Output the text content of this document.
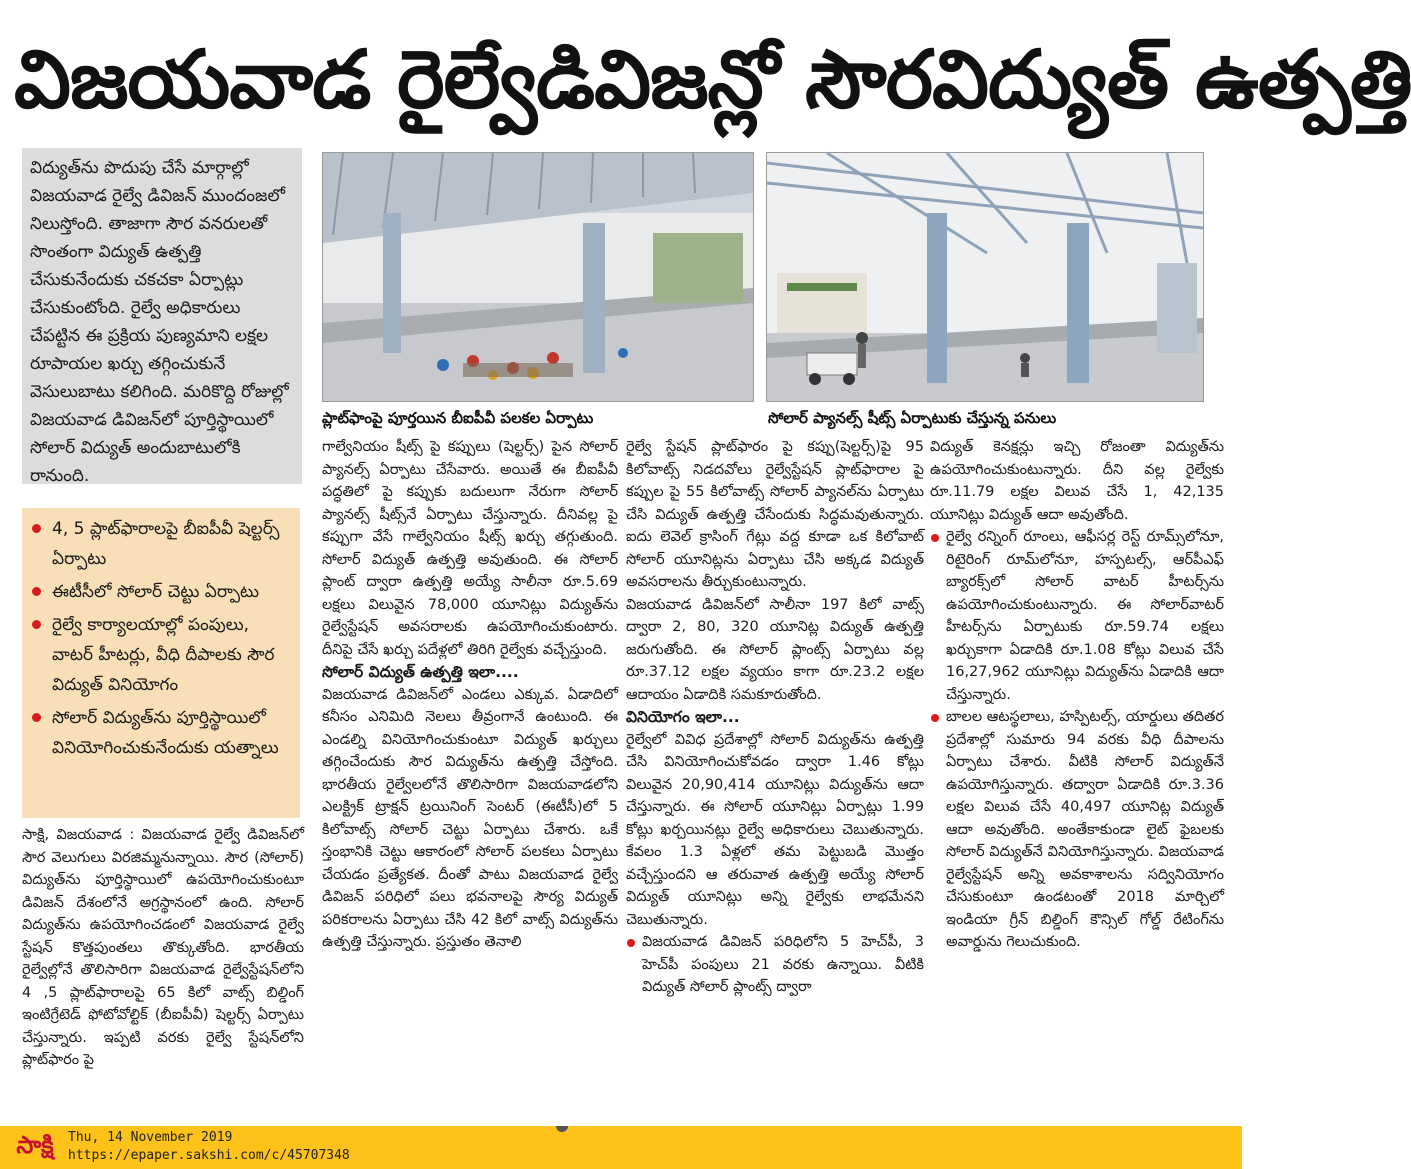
విజయవాడ రైల్వేడివిజన్లో సౌరవిద్యుత్ ఉత్పత్తి

విద్యుత్‌ను పొదుపు చేసే మార్గాల్లో విజయవాడ రైల్వే డివిజన్ ముందంజలో నిలుస్తోంది. తాజాగా సౌర వనరులతో సొంతంగా విద్యుత్ ఉత్పత్తి చేసుకునేందుకు చకచకా ఏర్పాట్లు చేసుకుంటోంది. రైల్వే అధికారులు చేపట్టిన ఈ ప్రక్రియ పుణ్యమాని లక్షల రూపాయల ఖర్చు తగ్గించుకునే వెసులుబాటు కలిగింది. మరికొద్ది రోజుల్లో విజయవాడ డివిజన్‌లో పూర్తిస్థాయిలో సోలార్ విద్యుత్ అందుబాటులోకి రానుంది.

ప్లాట్‌ఫాంపై పూర్తయిన బీఐపీవీ పలకల ఏర్పాటు	సోలార్ ప్యానల్స్ షీట్స్ ఏర్పాటుకు చేస్తున్న పనులు
4, 5 ప్లాట్‌ఫారాలపై బీఐపీవీ షెల్టర్స్ ఏర్పాటు
ఈటీసీలో సోలార్ చెట్టు ఏర్పాటు
రైల్వే కార్యాలయాల్లో పంపులు, వాటర్ హీటర్లు, వీధి దీపాలకు సౌర విద్యుత్ వినియోగం
సోలార్ విద్యుత్‌ను పూర్తిస్థాయిలో వినియోగించుకునేందుకు యత్నాలు

సాక్షి, విజయవాడ : విజయవాడ రైల్వే డివిజన్‌లో సౌర వెలుగులు విరజిమ్మనున్నాయి. సౌర (సోలార్) విద్యుత్‌ను పూర్తిస్థాయిలో ఉపయోగించుకుంటూ డివిజన్ దేశంలోనే అగ్రస్థానంలో ఉంది. సోలార్ విద్యుత్‌ను ఉపయోగించడంలో విజయవాడ రైల్వే స్టేషన్ కొత్తపుంతలు తొక్కుతోంది. భారతీయ రైల్వేల్లోనే తొలిసారిగా విజయవాడ రైల్వేస్టేషన్‌లోని 4 ,5 ప్లాట్‌ఫారాలపై 65 కిలో వాట్స్ బిల్డింగ్ ఇంటిగ్రేటెడ్ ఫోటోవోల్టిక్ (బీఐపీవీ) షెల్టర్స్ ఏర్పాటు చేస్తున్నారు. ఇప్పటి వరకు రైల్వే స్టేషన్‌లోని ప్లాట్‌ఫారం పై

గాల్వేనియం షీట్స్ పై కప్పులు (షెల్టర్స్) పైన సోలార్ ప్యానల్స్ ఏర్పాటు చేసేవారు. అయితే ఈ బీఐపీవీ పద్ధతిలో పై కప్పుకు బదులుగా నేరుగా సోలార్ ప్యానల్స్ షీట్స్‌నే ఏర్పాటు చేస్తున్నారు. దీనివల్ల పై కప్పుగా వేసే గాల్వేనియం షీట్స్ ఖర్చు తగ్గుతుంది. సోలార్ విద్యుత్ ఉత్పత్తి అవుతుంది. ఈ సోలార్ ప్లాంట్ ద్వారా ఉత్పత్తి అయ్యే సాలీనా రూ.5.69 లక్షలు విలువైన 78,000 యూనిట్లు విద్యుత్‌ను రైల్వేస్టేషన్ అవసరాలకు ఉపయోగించుకుంటారు. దీనిపై చేసే ఖర్చు పదేళ్లలో తిరిగి రైల్వేకు వచ్చేస్తుంది.

సోలార్ విద్యుత్ ఉత్పత్తి ఇలా....

విజయవాడ డివిజన్‌లో ఎండలు ఎక్కువ. ఏడాదిలో కనీసం ఎనిమిది నెలలు తీవ్రంగానే ఉంటుంది. ఈ ఎండల్ని వినియోగించుకుంటూ విద్యుత్ ఖర్చులు తగ్గించేందుకు సౌర విద్యుత్‌ను ఉత్పత్తి చేస్తోంది. భారతీయ రైల్వేలలోనే తొలిసారిగా విజయవాడలోని ఎలక్ట్రిక్ ట్రాక్షన్ ట్రయినింగ్ సెంటర్ (ఈటీసీ)లో 5 కిలోవాట్స్ సోలార్ చెట్టు ఏర్పాటు చేశారు. ఒకే స్తంభానికి చెట్టు ఆకారంలో సోలార్ పలకలు ఏర్పాటు చేయడం ప్రత్యేకత. దీంతో పాటు విజయవాడ రైల్వే డివిజన్ పరిధిలో పలు భవనాలపై సౌర్య విద్యుత్ పరికరాలను ఏర్పాటు చేసి 42 కిలో వాట్స్ విద్యుత్‌ను ఉత్పత్తి చేస్తున్నారు. ప్రస్తుతం తెనాలి

రైల్వే స్టేషన్ ప్లాట్‌ఫారం పై కప్పు(షెల్టర్స్)పై 95 కిలోవాట్స్ నిడదవోలు రైల్వేస్టేషన్ ప్లాట్‌ఫారాల పై కప్పుల పై 55 కిలోవాట్స్ సోలార్ ప్యానల్‌ను ఏర్పాటు చేసి విద్యుత్ ఉత్పత్తి చేసేందుకు సిద్ధమవుతున్నారు. ఐదు లెవెల్ క్రాసింగ్ గేట్లు వద్ద కూడా ఒక కిలోవాట్ సోలార్ యూనిట్లను ఏర్పాటు చేసి అక్కడ విద్యుత్ అవసరాలను తీర్చుకుంటున్నారు.

విజయవాడ డివిజన్‌లో సాలీనా 197 కిలో వాట్స్ ద్వారా 2, 80, 320 యూనిట్ల విద్యుత్ ఉత్పత్తి జరుగుతోంది. ఈ సోలార్ ప్లాంట్స్ ఏర్పాటు వల్ల రూ.37.12 లక్షల వ్యయం కాగా రూ.23.2 లక్షల ఆదాయం ఏడాదికి సమకూరుతోంది.

వినియోగం ఇలా...

రైల్వేలో వివిధ ప్రదేశాల్లో సోలార్ విద్యుత్‌ను ఉత్పత్తి చేసి వినియోగించుకోవడం ద్వారా 1.46 కోట్లు విలువైన 20,90,414 యూనిట్లు విద్యుత్‌ను ఆదా చేస్తున్నారు. ఈ సోలార్ యూనిట్లు ఏర్పాట్లు 1.99 కోట్లు ఖర్చయినట్లు రైల్వే అధికారులు చెబుతున్నారు. కేవలం 1.3 ఏళ్లలో తమ పెట్టుబడి మొత్తం వచ్చేస్తుందని ఆ తరువాత ఉత్పత్తి అయ్యే సోలార్ విద్యుత్ యూనిట్లు అన్ని రైల్వేకు లాభమేనని చెబుతున్నారు.

విజయవాడ డివిజన్ పరిధిలోని 5 హెచ్‌పీ, 3 హెచ్‌పీ పంపులు 21 వరకు ఉన్నాయి. వీటికి విద్యుత్ సోలార్ ప్లాంట్స్ ద్వారా

విద్యుత్ కెనక్షన్లు ఇచ్చి రోజంతా విద్యుత్‌ను ఉపయోగించుకుంటున్నారు. దీని వల్ల రైల్వేకు రూ.11.79 లక్షల విలువ చేసే 1, 42,135 యూనిట్లు విద్యుత్ ఆదా అవుతోంది.

రైల్వే రన్నింగ్ రూంలు, ఆఫీసర్ల రెస్ట్ రూమ్స్‌లోనూ, రిటైరింగ్ రూమ్‌లోనూ, హస్పటల్స్, ఆర్‌పీఎఫ్ బ్యారక్స్‌లో సోలార్ వాటర్ హీటర్స్‌ను ఉపయోగించుకుంటున్నారు. ఈ సోలార్‌వాటర్ హీటర్స్‌ను ఏర్పాటుకు రూ.59.74 లక్షలు ఖర్చుకాగా ఏడాదికి రూ.1.08 కోట్లు విలువ చేసే 16,27,962 యూనిట్లు విద్యుత్‌ను ఏడాదికి ఆదా చేస్తున్నారు.

బాలల ఆటస్థలాలు, హస్పిటల్స్, యార్డులు తదితర ప్రదేశాల్లో సుమారు 94 వరకు వీధి దీపాలను ఏర్పాటు చేశారు. వీటికి సోలార్ విద్యుత్‌నే ఉపయోగిస్తున్నారు. తద్వారా ఏడాదికి రూ.3.36 లక్షల విలువ చేసే 40,497 యూనిట్ల విద్యుత్ ఆదా అవుతోంది. అంతేకాకుండా లైట్ ఫైబలకు సోలార్ విద్యుత్‌నే వినియోగిస్తున్నారు. విజయవాడ రైల్వేస్టేషన్ అన్ని అవకాశాలను సద్వినియోగం చేసుకుంటూ ఉండటంతో 2018 మార్చిలో ఇండియా గ్రీన్ బిల్డింగ్ కౌన్సిల్ గోల్డ్ రేటింగ్‌ను అవార్డును గెలుచుకుంది.

సాక్షి	Thu, 14 November 2019
https://epaper.sakshi.com/c/45707348
